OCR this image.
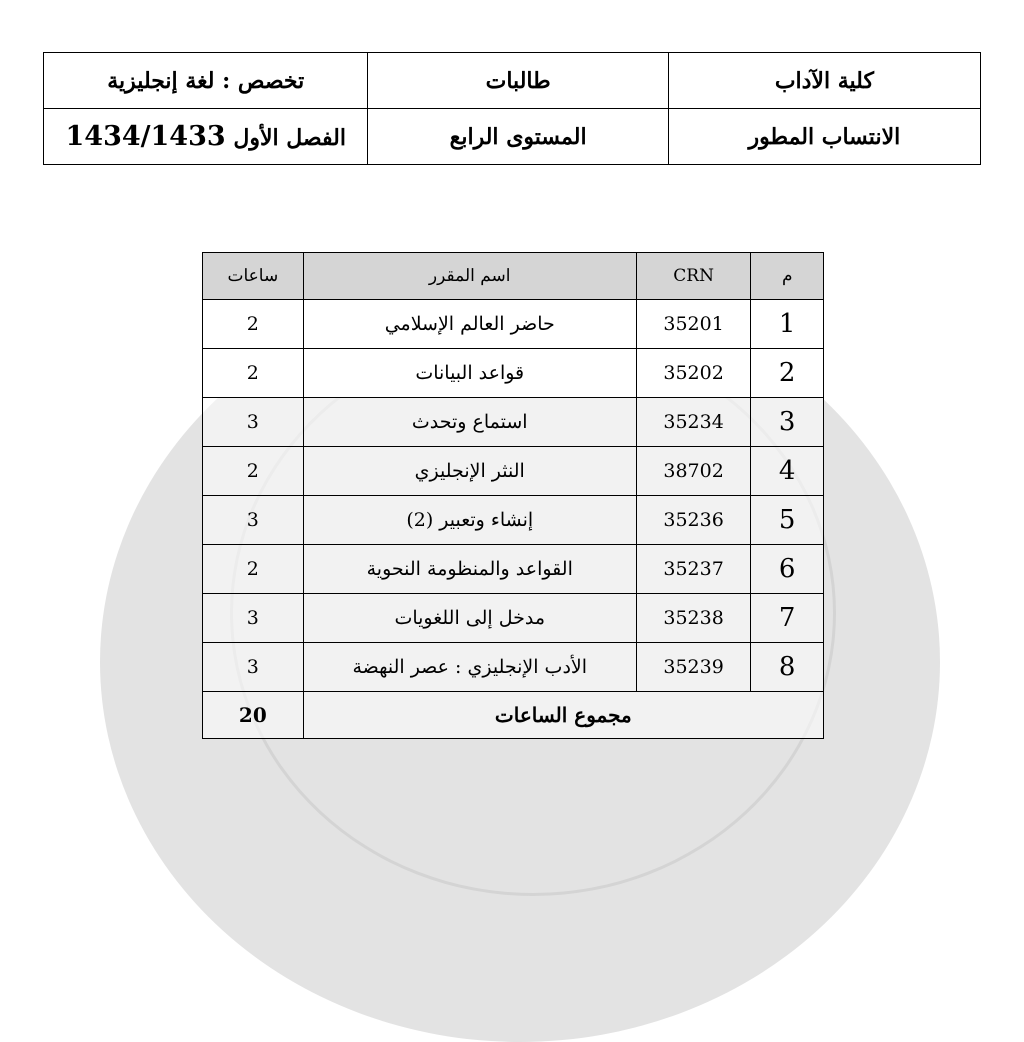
كلية الآداب	طالبات	تخصص : لغة إنجليزية
الانتساب المطور	المستوى الرابع	الفصل الأول 1434/1433
م	CRN	اسم المقرر	ساعات
1	35201	حاضر العالم الإسلامي	2
2	35202	قواعد البيانات	2
3	35234	استماع وتحدث	3
4	38702	النثر الإنجليزي	2
5	35236	إنشاء وتعبير (2)	3
6	35237	القواعد والمنظومة النحوية	2
7	35238	مدخل إلى اللغويات	3
8	35239	الأدب الإنجليزي : عصر النهضة	3
مجموع الساعات			20
